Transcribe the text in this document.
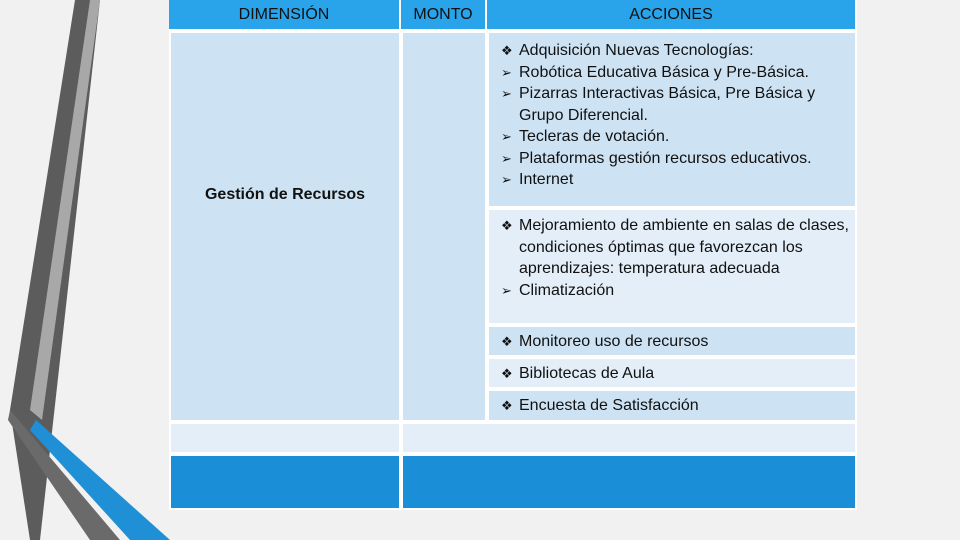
DIMENSIÓN	MONTO	ACCIONES
Gestión de Recursos
❖ Adquisición Nuevas Tecnologías:
➢ Robótica Educativa Básica y Pre-Básica.
➢ Pizarras Interactivas Básica, Pre Básica y Grupo Diferencial.
➢ Tecleras de votación.
➢ Plataformas gestión recursos educativos.
➢ Internet
❖ Mejoramiento de ambiente en salas de clases, condiciones óptimas que favorezcan los aprendizajes: temperatura adecuada
➢ Climatización
❖ Monitoreo uso de recursos
❖ Bibliotecas de Aula
❖ Encuesta de Satisfacción
